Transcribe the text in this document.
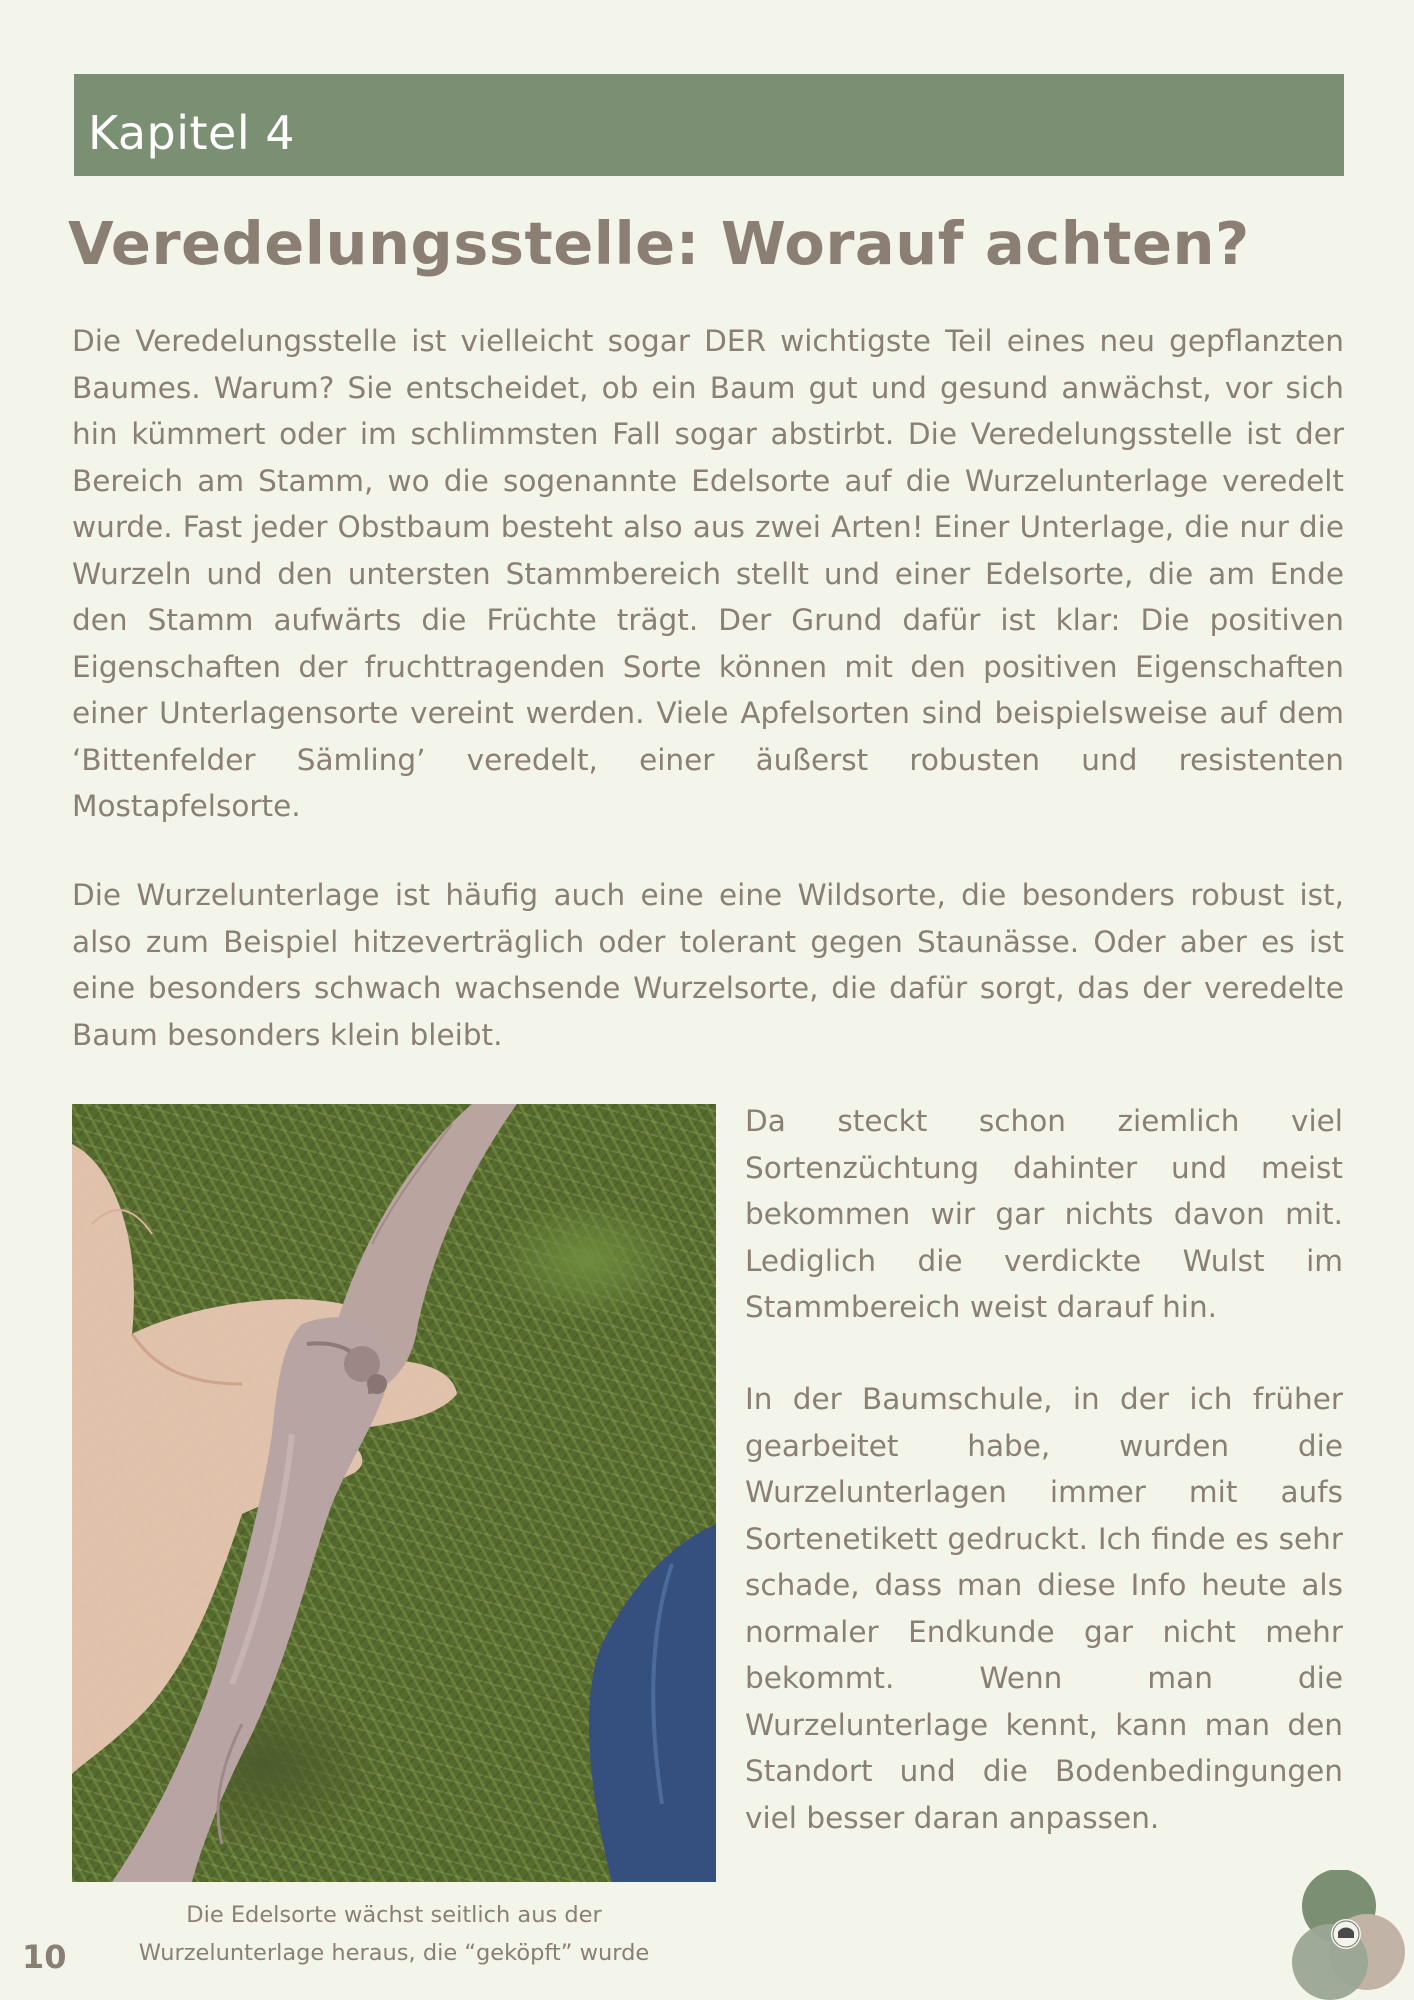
Kapitel 4
Veredelungsstelle: Worauf achten?

Die Veredelungsstelle ist vielleicht sogar DER wichtigste Teil eines neu gepflanzten Baumes. Warum? Sie entscheidet, ob ein Baum gut und gesund anwächst, vor sich hin kümmert oder im schlimmsten Fall sogar abstirbt. Die Veredelungsstelle ist der Bereich am Stamm, wo die sogenannte Edelsorte auf die Wurzelunterlage veredelt wurde. Fast jeder Obstbaum besteht also aus zwei Arten! Einer Unterlage, die nur die Wurzeln und den untersten Stammbereich stellt und einer Edelsorte, die am Ende den Stamm aufwärts die Früchte trägt. Der Grund dafür ist klar: Die positiven Eigenschaften der fruchttragenden Sorte können mit den positiven Eigenschaften einer Unterlagensorte vereint werden. Viele Apfelsorten sind beispielsweise auf dem ‘Bittenfelder Sämling’ veredelt, einer äußerst robusten und resistenten Mostapfelsorte.

Die Wurzelunterlage ist häufig auch eine eine Wildsorte, die besonders robust ist, also zum Beispiel hitzeverträglich oder tolerant gegen Staunässe. Oder aber es ist eine besonders schwach wachsende Wurzelsorte, die dafür sorgt, das der veredelte Baum besonders klein bleibt.

Die Edelsorte wächst seitlich aus der
Wurzelunterlage heraus, die “geköpft” wurde

Da steckt schon ziemlich viel Sortenzüchtung dahinter und meist bekommen wir gar nichts davon mit. Lediglich die verdickte Wulst im Stammbereich weist darauf hin.

In der Baumschule, in der ich früher gearbeitet habe, wurden die Wurzelunterlagen immer mit aufs Sortenetikett gedruckt. Ich finde es sehr schade, dass man diese Info heute als normaler Endkunde gar nicht mehr bekommt. Wenn man die Wurzelunterlage kennt, kann man den Standort und die Bodenbedingungen viel besser daran anpassen.

10
